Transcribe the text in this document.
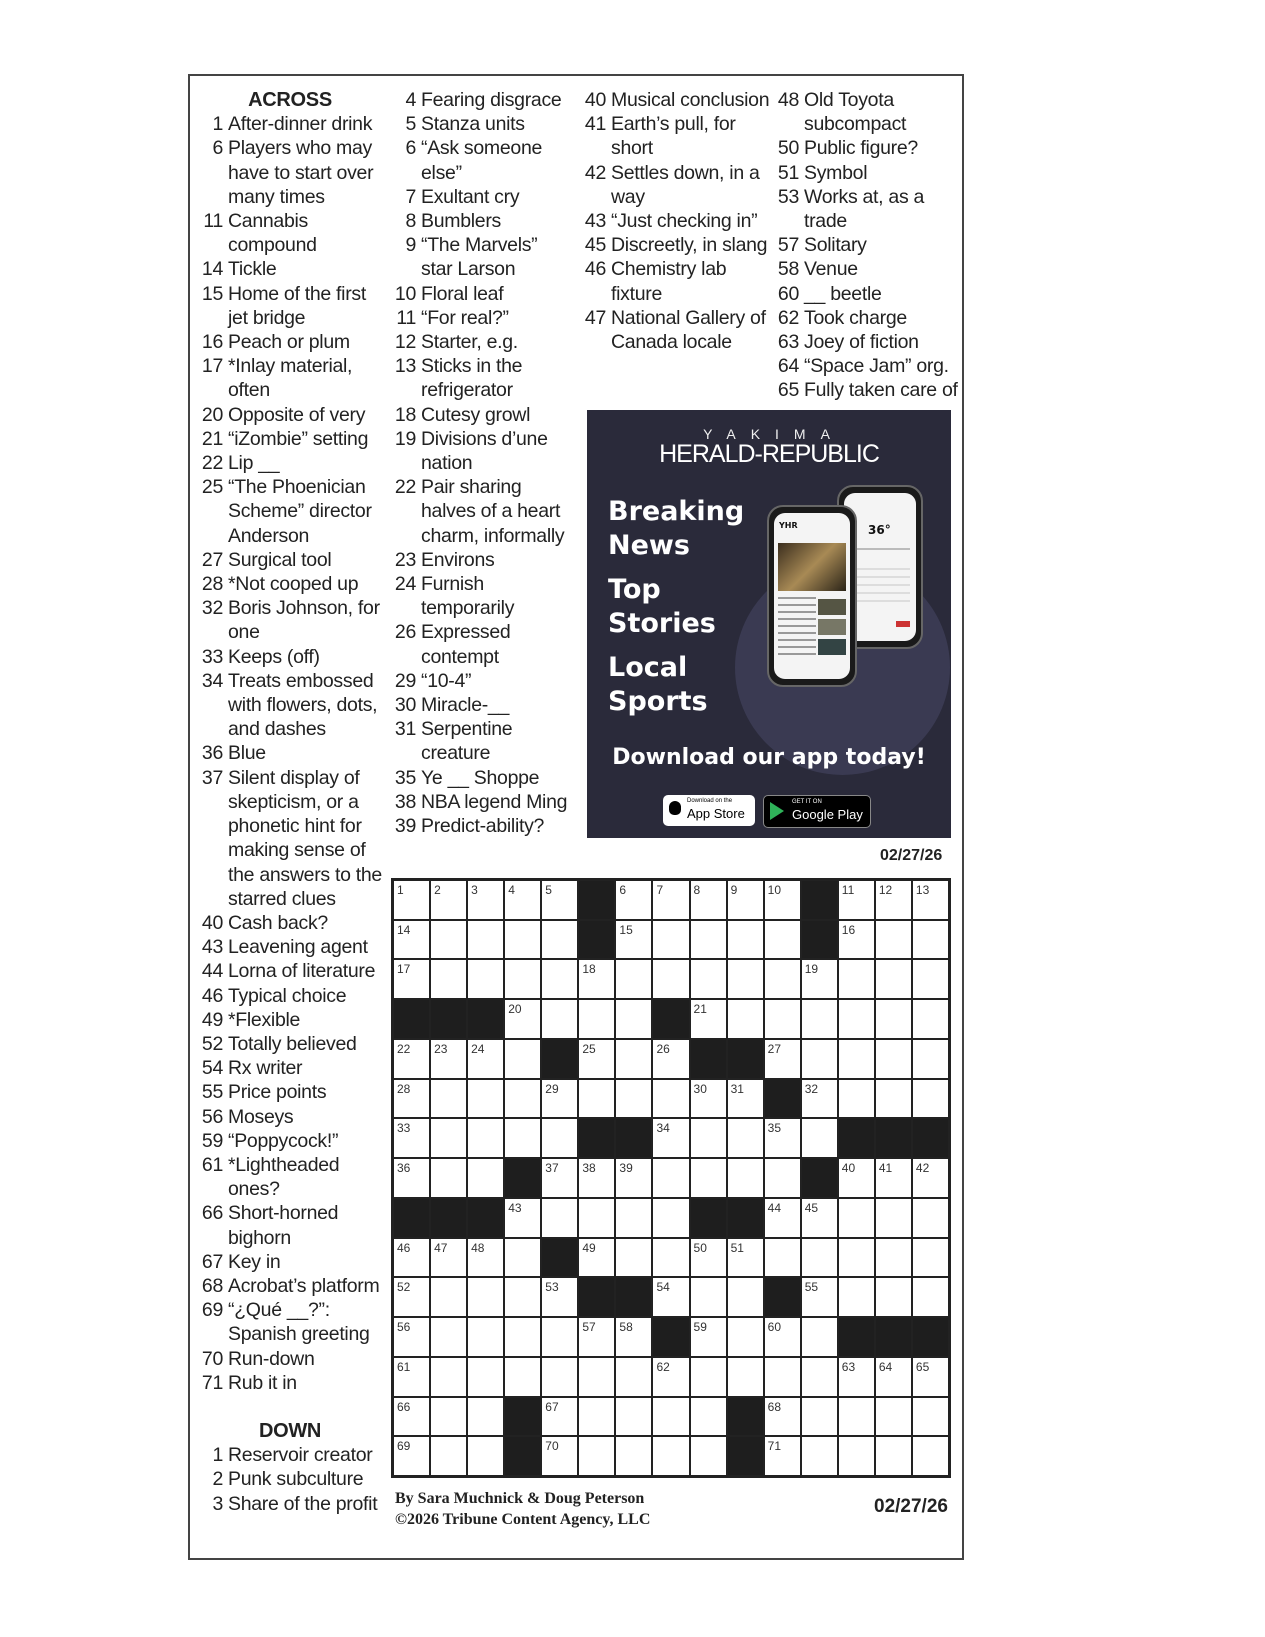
ACROSS
1 After-dinner drink
6 Players who may have to start over many times
11 Cannabis compound
14 Tickle
15 Home of the first jet bridge
16 Peach or plum
17 *Inlay material, often
20 Opposite of very
21 “iZombie” setting
22 Lip __
25 “The Phoenician Scheme” director Anderson
27 Surgical tool
28 *Not cooped up
32 Boris Johnson, for one
33 Keeps (off)
34 Treats embossed with flowers, dots, and dashes
36 Blue
37 Silent display of skepticism, or a phonetic hint for making sense of the answers to the starred clues
40 Cash back?
43 Leavening agent
44 Lorna of literature
46 Typical choice
49 *Flexible
52 Totally believed
54 Rx writer
55 Price points
56 Moseys
59 “Poppycock!”
61 *Lightheaded ones?
66 Short-horned bighorn
67 Key in
68 Acrobat’s platform
69 “¿Qué __?”: Spanish greeting
70 Run-down
71 Rub it in
DOWN
1 Reservoir creator
2 Punk subculture
3 Share of the profit
4 Fearing disgrace
5 Stanza units
6 “Ask someone else”
7 Exultant cry
8 Bumblers
9 “The Marvels” star Larson
10 Floral leaf
11 “For real?”
12 Starter, e.g.
13 Sticks in the refrigerator
18 Cutesy growl
19 Divisions d’une nation
22 Pair sharing halves of a heart charm, informally
23 Environs
24 Furnish temporarily
26 Expressed contempt
29 “10-4”
30 Miracle-__
31 Serpentine creature
35 Ye __ Shoppe
38 NBA legend Ming
39 Predict-ability?
40 Musical conclusion
41 Earth’s pull, for short
42 Settles down, in a way
43 “Just checking in”
45 Discreetly, in slang
46 Chemistry lab fixture
47 National Gallery of Canada locale
48 Old Toyota subcompact
50 Public figure?
51 Symbol
53 Works at, as a trade
57 Solitary
58 Venue
60 __ beetle
62 Took charge
63 Joey of fiction
64 “Space Jam” org.
65 Fully taken care of
YAKIMA
HERALD-REPUBLIC
Breaking
News
Top
Stories
Local
Sports
36°
YHR
Download our app today!
Download on the
App Store
GET IT ON
Google Play
02/27/26
1	2	3	4	5	6	7	8	9	10	11 12 13
14	15	16
17	18	19
20	21
22 23 24	25	26	27
28	29	30 31	32
33	34	35
36	37 38 39	40 41 42
43	44 45
46 47 48	49	50 51
52	53	54	55
56	57 58	59	60
61	62	63 64 65
66	67	68
69	70	71
By Sara Muchnick & Doug Peterson
©2026 Tribune Content Agency, LLC
02/27/26
